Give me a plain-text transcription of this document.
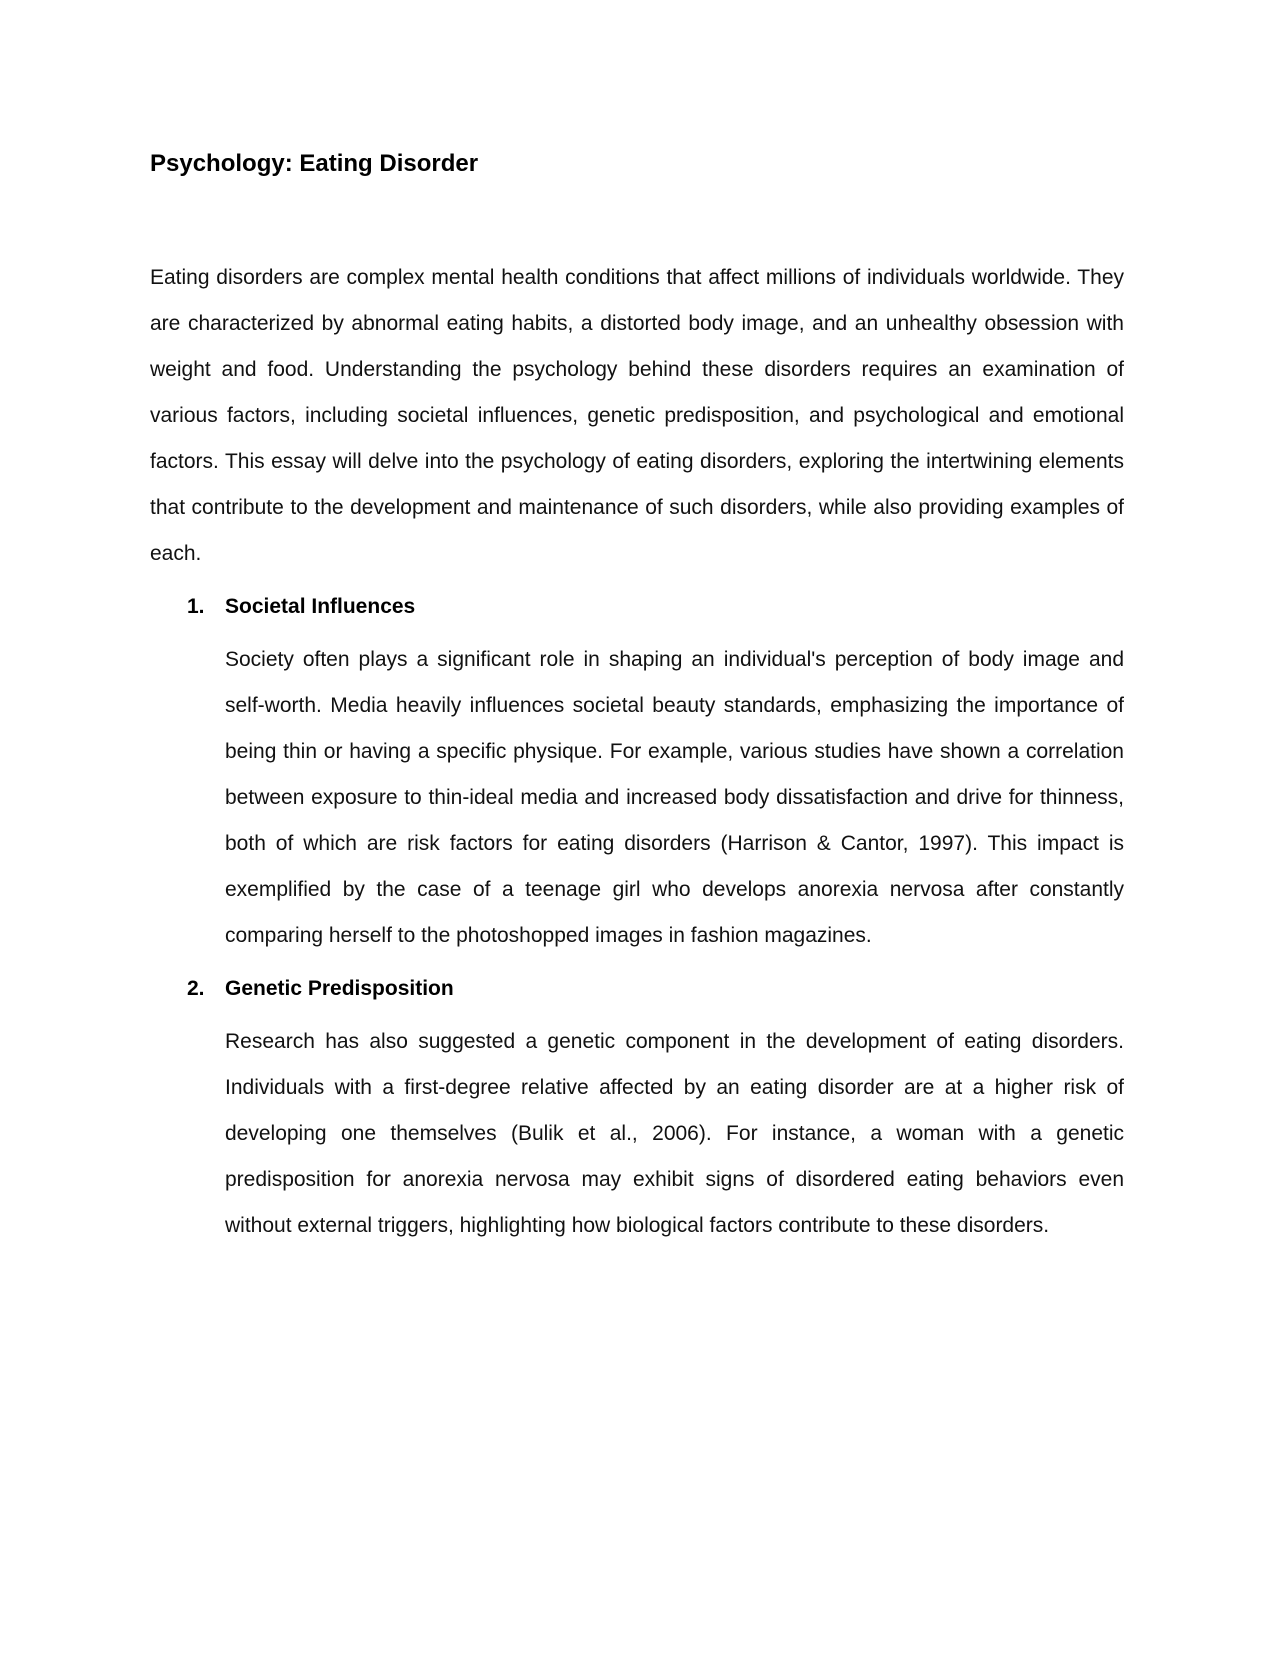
Psychology: Eating Disorder

Eating disorders are complex mental health conditions that affect millions of individuals worldwide. They are characterized by abnormal eating habits, a distorted body image, and an unhealthy obsession with weight and food. Understanding the psychology behind these disorders requires an examination of various factors, including societal influences, genetic predisposition, and psychological and emotional factors. This essay will delve into the psychology of eating disorders, exploring the intertwining elements that contribute to the development and maintenance of such disorders, while also providing examples of each.

1. Societal Influences

Society often plays a significant role in shaping an individual's perception of body image and self-worth. Media heavily influences societal beauty standards, emphasizing the importance of being thin or having a specific physique. For example, various studies have shown a correlation between exposure to thin-ideal media and increased body dissatisfaction and drive for thinness, both of which are risk factors for eating disorders (Harrison & Cantor, 1997). This impact is exemplified by the case of a teenage girl who develops anorexia nervosa after constantly comparing herself to the photoshopped images in fashion magazines.

2. Genetic Predisposition

Research has also suggested a genetic component in the development of eating disorders. Individuals with a first-degree relative affected by an eating disorder are at a higher risk of developing one themselves (Bulik et al., 2006). For instance, a woman with a genetic predisposition for anorexia nervosa may exhibit signs of disordered eating behaviors even without external triggers, highlighting how biological factors contribute to these disorders.
